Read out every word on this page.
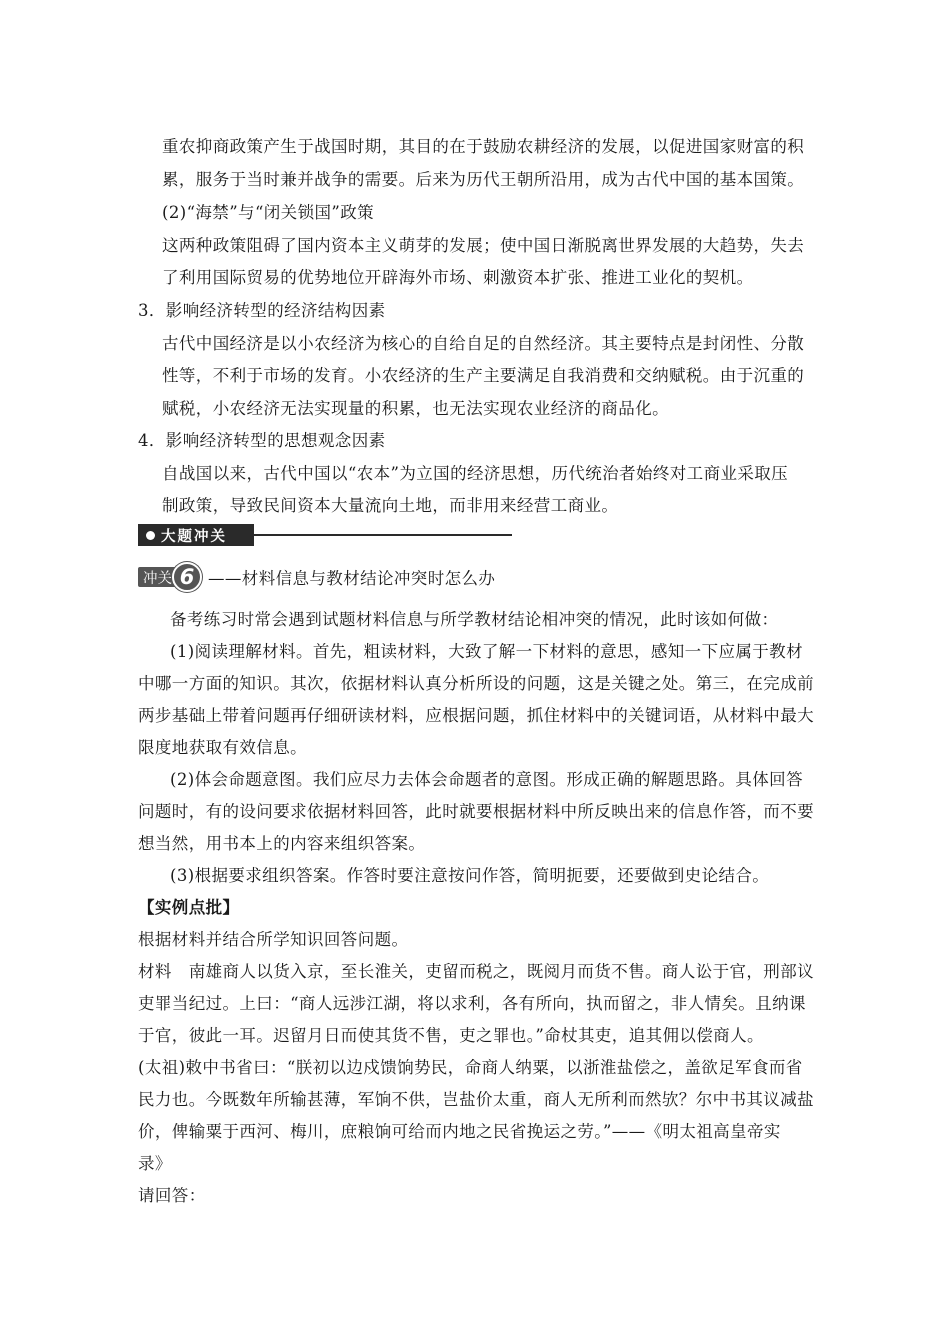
重农抑商政策产生于战国时期，其目的在于鼓励农耕经济的发展，以促进国家财富的积
累，服务于当时兼并战争的需要。后来为历代王朝所沿用，成为古代中国的基本国策。
(2)“海禁”与“闭关锁国”政策
这两种政策阻碍了国内资本主义萌芽的发展；使中国日渐脱离世界发展的大趋势，失去
了利用国际贸易的优势地位开辟海外市场、刺激资本扩张、推进工业化的契机。
3．影响经济转型的经济结构因素
古代中国经济是以小农经济为核心的自给自足的自然经济。其主要特点是封闭性、分散
性等，不利于市场的发育。小农经济的生产主要满足自我消费和交纳赋税。由于沉重的
赋税，小农经济无法实现量的积累，也无法实现农业经济的商品化。
4．影响经济转型的思想观念因素
自战国以来，古代中国以“农本”为立国的经济思想，历代统治者始终对工商业采取压
制政策，导致民间资本大量流向土地，而非用来经营工商业。
大题冲关
冲关 6 ——材料信息与教材结论冲突时怎么办
备考练习时常会遇到试题材料信息与所学教材结论相冲突的情况，此时该如何做：
(1)阅读理解材料。首先，粗读材料，大致了解一下材料的意思，感知一下应属于教材
中哪一方面的知识。其次，依据材料认真分析所设的问题，这是关键之处。第三，在完成前
两步基础上带着问题再仔细研读材料，应根据问题，抓住材料中的关键词语，从材料中最大
限度地获取有效信息。
(2)体会命题意图。我们应尽力去体会命题者的意图。形成正确的解题思路。具体回答
问题时，有的设问要求依据材料回答，此时就要根据材料中所反映出来的信息作答，而不要
想当然，用书本上的内容来组织答案。
(3)根据要求组织答案。作答时要注意按问作答，简明扼要，还要做到史论结合。
【实例点批】
根据材料并结合所学知识回答问题。
材料　南雄商人以货入京，至长淮关，吏留而税之，既阅月而货不售。商人讼于官，刑部议
吏罪当纪过。上曰：“商人远涉江湖，将以求利，各有所向，执而留之，非人情矣。且纳课
于官，彼此一耳。迟留月日而使其货不售，吏之罪也。”命杖其吏，追其佣以偿商人。
(太祖)敕中书省曰：“朕初以边戍馈饷势民，命商人纳粟，以浙淮盐偿之，盖欲足军食而省
民力也。今既数年所输甚薄，军饷不供，岂盐价太重，商人无所利而然欤？尔中书其议减盐
价，俾输粟于西河、梅川，庶粮饷可给而内地之民省挽运之劳。”——《明太祖高皇帝实
录》
请回答：
